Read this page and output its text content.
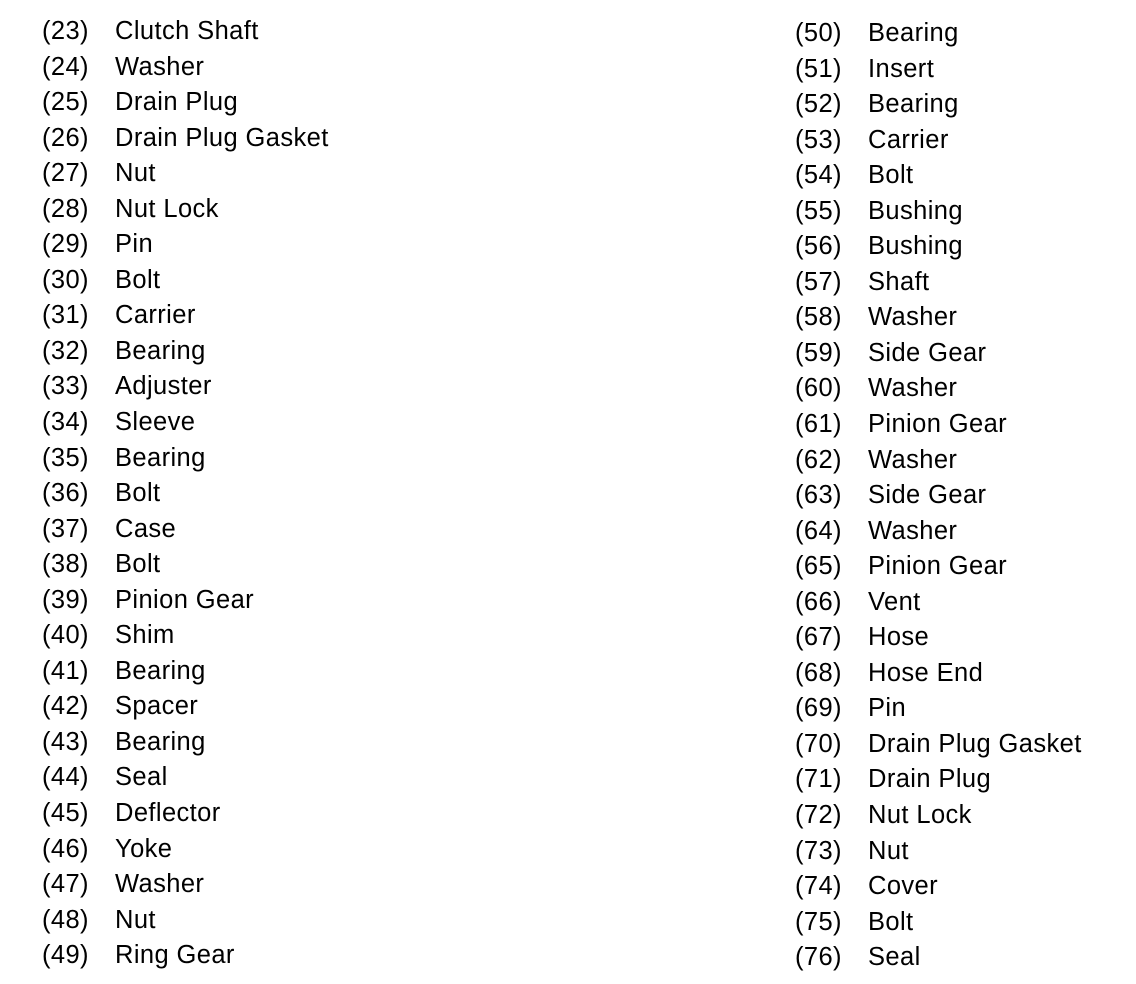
(23) Clutch Shaft
(24) Washer
(25) Drain Plug
(26) Drain Plug Gasket
(27) Nut
(28) Nut Lock
(29) Pin
(30) Bolt
(31) Carrier
(32) Bearing
(33) Adjuster
(34) Sleeve
(35) Bearing
(36) Bolt
(37) Case
(38) Bolt
(39) Pinion Gear
(40) Shim
(41) Bearing
(42) Spacer
(43) Bearing
(44) Seal
(45) Deflector
(46) Yoke
(47) Washer
(48) Nut
(49) Ring Gear
(50) Bearing
(51) Insert
(52) Bearing
(53) Carrier
(54) Bolt
(55) Bushing
(56) Bushing
(57) Shaft
(58) Washer
(59) Side Gear
(60) Washer
(61) Pinion Gear
(62) Washer
(63) Side Gear
(64) Washer
(65) Pinion Gear
(66) Vent
(67) Hose
(68) Hose End
(69) Pin
(70) Drain Plug Gasket
(71) Drain Plug
(72) Nut Lock
(73) Nut
(74) Cover
(75) Bolt
(76) Seal
